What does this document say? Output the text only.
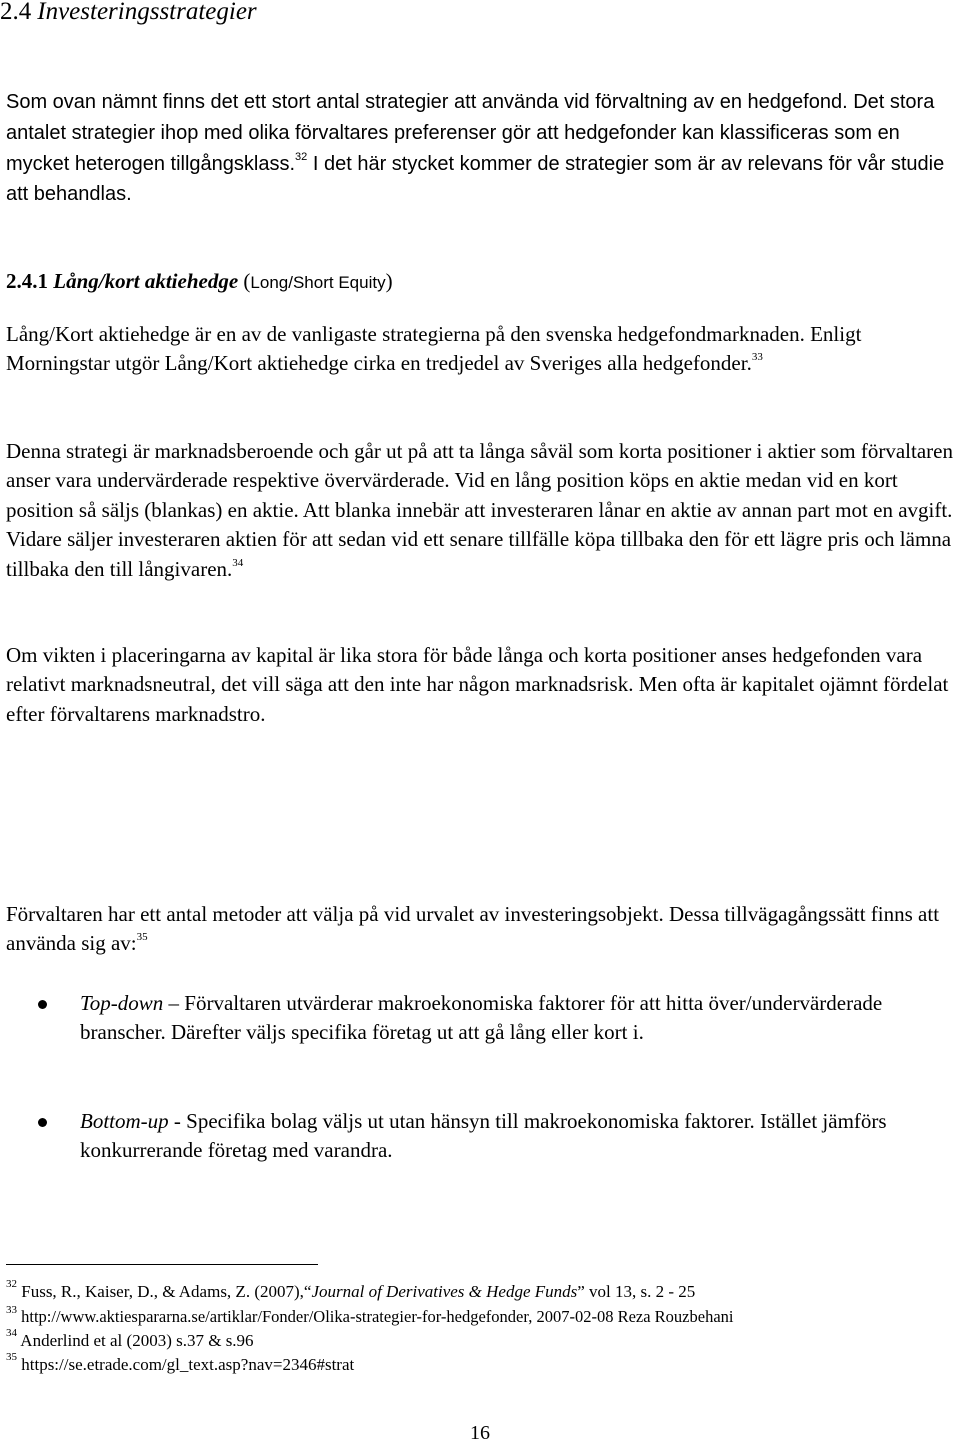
2.4 Investeringsstrategier

Som ovan nämnt finns det ett stort antal strategier att använda vid förvaltning av en hedgefond. Det stora antalet strategier ihop med olika förvaltares preferenser gör att hedgefonder kan klassificeras som en mycket heterogen tillgångsklass.$^{32}$ I det här stycket kommer de strategier som är av relevans för vår studie att behandlas.

2.4.1 Lång/kort aktiehedge (Long/Short Equity)

Lång/Kort aktiehedge är en av de vanligaste strategierna på den svenska hedgefondmarknaden. Enligt Morningstar utgör Lång/Kort aktiehedge cirka en tredjedel av Sveriges alla hedgefonder.$^{33}$

Denna strategi är marknadsberoende och går ut på att ta långa såväl som korta positioner i aktier som förvaltaren anser vara undervärderade respektive övervärderade. Vid en lång position köps en aktie medan vid en kort position så säljs (blankas) en aktie. Att blanka innebär att investeraren lånar en aktie av annan part mot en avgift. Vidare säljer investeraren aktien för att sedan vid ett senare tillfälle köpa tillbaka den för ett lägre pris och lämna tillbaka den till långivaren.$^{34}$

Om vikten i placeringarna av kapital är lika stora för både långa och korta positioner anses hedgefonden vara relativt marknadsneutral, det vill säga att den inte har någon marknadsrisk. Men ofta är kapitalet ojämnt fördelat efter förvaltarens marknadstro.

Förvaltaren har ett antal metoder att välja på vid urvalet av investeringsobjekt. Dessa tillvägagångssätt finns att använda sig av:$^{35}$

Top-down – Förvaltaren utvärderar makroekonomiska faktorer för att hitta över/undervärderade branscher. Därefter väljs specifika företag ut att gå lång eller kort i.

Bottom-up - Specifika bolag väljs ut utan hänsyn till makroekonomiska faktorer. Istället jämförs konkurrerande företag med varandra.

$^{32}$ Fuss, R., Kaiser, D., & Adams, Z. (2007),“Journal of Derivatives & Hedge Funds” vol 13, s. 2 - 25
$^{33}$ http://www.aktiespararna.se/artiklar/Fonder/Olika-strategier-for-hedgefonder, 2007-02-08 Reza Rouzbehani
$^{34}$ Anderlind et al (2003) s.37 & s.96
$^{35}$ https://se.etrade.com/gl_text.asp?nav=2346#strat
16
